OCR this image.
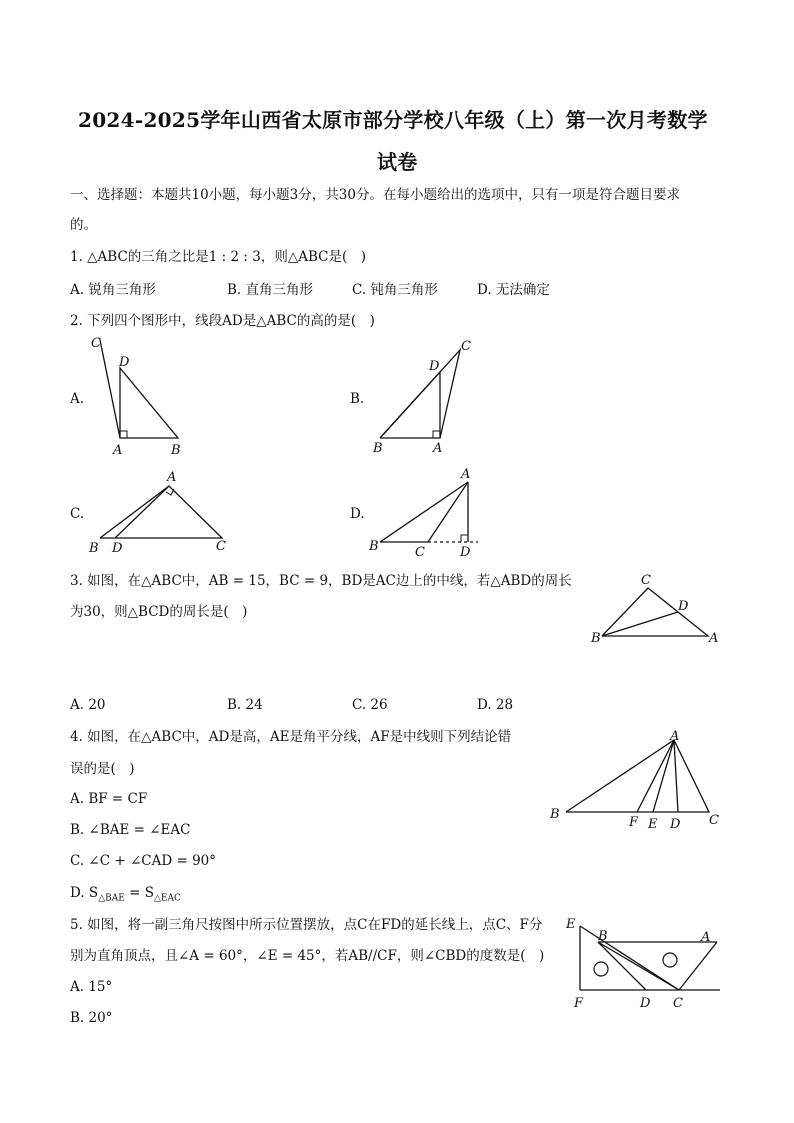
2024-2025学年山西省太原市部分学校八年级（上）第一次月考数学
试卷
一、选择题：本题共10小题，每小题3分，共30分。在每小题给出的选项中，只有一项是符合题目要求
的。
1. △ABC的三角之比是1 : 2 : 3，则△ABC是(　)
A. 锐角三角形	B. 直角三角形	C. 钝角三角形	D. 无法确定
2. 下列四个图形中，线段AD是△ABC的高的是(　)
A.
C
D
A	B
B.
C
D
B	A
C.
A
B D	C
D.
A
B	C	D
3. 如图，在△ABC中，AB = 15，BC = 9，BD是AC边上的中线，若△ABD的周长
为30，则△BCD的周长是(　)
C
D
B	A
A. 20	B. 24	C. 26	D. 28
4. 如图，在△ABC中，AD是高，AE是角平分线，AF是中线则下列结论错
误的是(　)
A. BF = CF
B. ∠BAE = ∠EAC
C. ∠C + ∠CAD = 90°
D. $S_{\triangle BAE} = S_{\triangle EAC}$
A
B
F E D C
5. 如图，将一副三角尺按图中所示位置摆放，点C在FD的延长线上，点C、F分
别为直角顶点，且∠A = 60°，∠E = 45°，若AB//CF，则∠CBD的度数是(　)
A. 15°
B. 20°
E
B	A
F	D C
